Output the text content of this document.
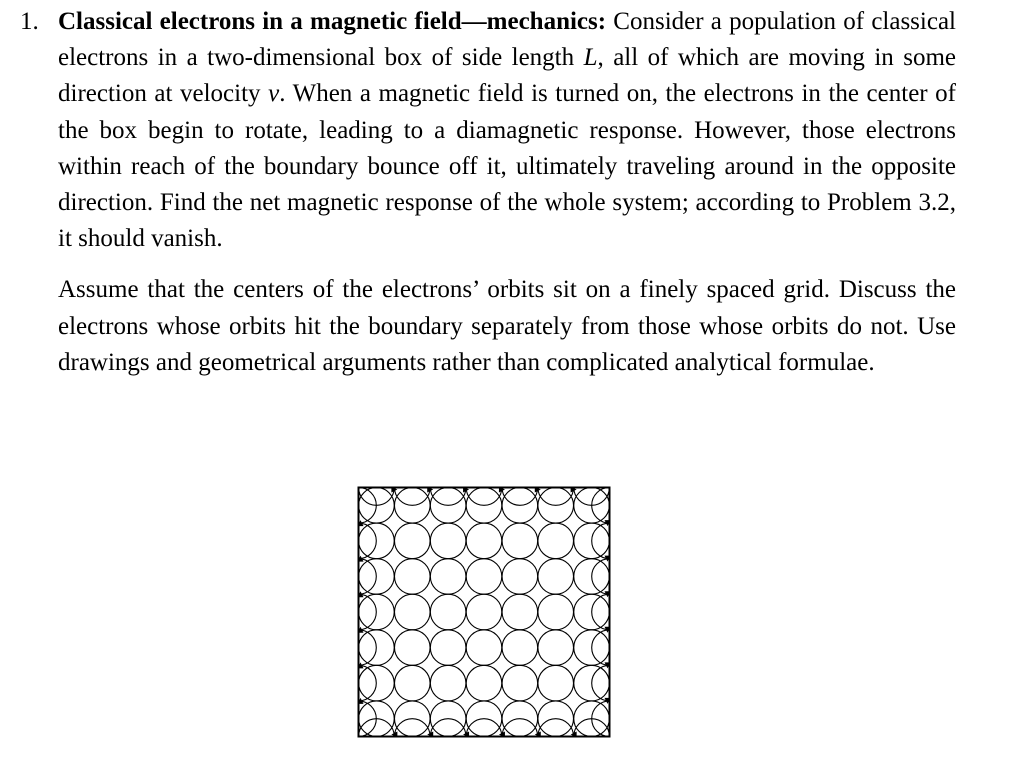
1. Classical electrons in a magnetic field—mechanics: Consider a population of classical electrons in a two-dimensional box of side length L, all of which are moving in some direction at velocity v. When a magnetic field is turned on, the electrons in the center of the box begin to rotate, leading to a diamagnetic response. However, those electrons within reach of the boundary bounce off it, ultimately traveling around in the opposite direction. Find the net magnetic response of the whole system; according to Problem 3.2, it should vanish.

Assume that the centers of the electrons’ orbits sit on a finely spaced grid. Discuss the electrons whose orbits hit the boundary separately from those whose orbits do not. Use drawings and geometrical arguments rather than complicated analytical formulae.
